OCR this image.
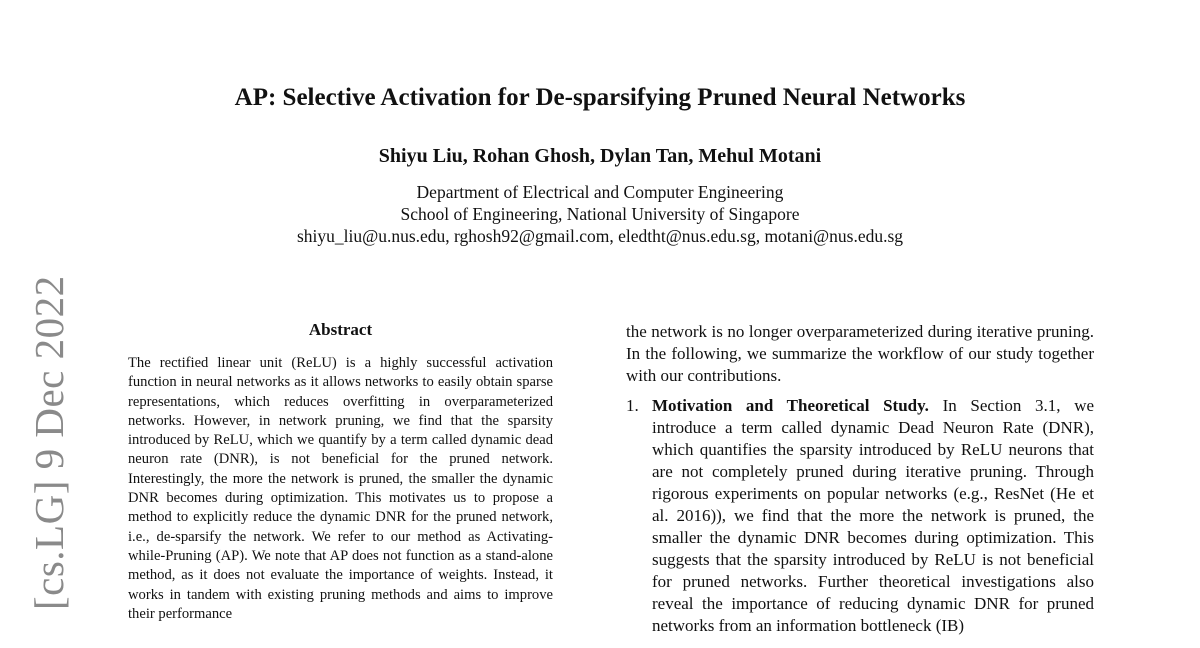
[cs.LG] 9 Dec 2022
AP: Selective Activation for De-sparsifying Pruned Neural Networks
Shiyu Liu, Rohan Ghosh, Dylan Tan, Mehul Motani
Department of Electrical and Computer Engineering
School of Engineering, National University of Singapore
shiyu_liu@u.nus.edu, rghosh92@gmail.com, eledtht@nus.edu.sg, motani@nus.edu.sg
Abstract

The rectified linear unit (ReLU) is a highly successful activation function in neural networks as it allows networks to easily obtain sparse representations, which reduces overfitting in overparameterized networks. However, in network pruning, we find that the sparsity introduced by ReLU, which we quantify by a term called dynamic dead neuron rate (DNR), is not beneficial for the pruned network. Interestingly, the more the network is pruned, the smaller the dynamic DNR becomes during optimization. This motivates us to propose a method to explicitly reduce the dynamic DNR for the pruned network, i.e., de-sparsify the network. We refer to our method as Activating-while-Pruning (AP). We note that AP does not function as a stand-alone method, as it does not evaluate the importance of weights. Instead, it works in tandem with existing pruning methods and aims to improve their performance

the network is no longer overparameterized during iterative pruning. In the following, we summarize the workflow of our study together with our contributions.

1. Motivation and Theoretical Study. In Section 3.1, we introduce a term called dynamic Dead Neuron Rate (DNR), which quantifies the sparsity introduced by ReLU neurons that are not completely pruned during iterative pruning. Through rigorous experiments on popular networks (e.g., ResNet (He et al. 2016)), we find that the more the network is pruned, the smaller the dynamic DNR becomes during optimization. This suggests that the sparsity introduced by ReLU is not beneficial for pruned networks. Further theoretical investigations also reveal the importance of reducing dynamic DNR for pruned networks from an information bottleneck (IB)
